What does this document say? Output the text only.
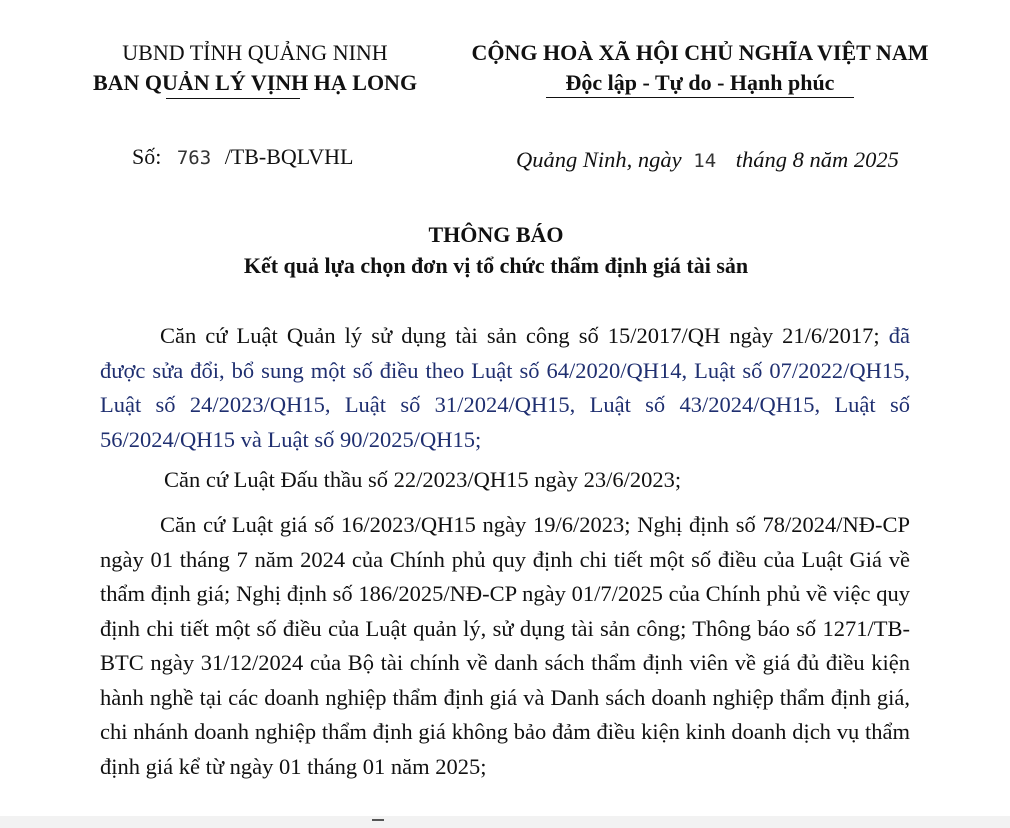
UBND TỈNH QUẢNG NINH
BAN QUẢN LÝ VỊNH HẠ LONG
CỘNG HOÀ XÃ HỘI CHỦ NGHĨA VIỆT NAM
Độc lập - Tự do - Hạnh phúc
Số: 763 /TB-BQLVHL	Quảng Ninh, ngày 14 tháng 8 năm 2025
THÔNG BÁO
Kết quả lựa chọn đơn vị tổ chức thẩm định giá tài sản
Căn cứ Luật Quản lý sử dụng tài sản công số 15/2017/QH ngày 21/6/2017; đã được sửa đổi, bổ sung một số điều theo Luật số 64/2020/QH14, Luật số 07/2022/QH15, Luật số 24/2023/QH15, Luật số 31/2024/QH15, Luật số 43/2024/QH15, Luật số 56/2024/QH15 và Luật số 90/2025/QH15;
Căn cứ Luật Đấu thầu số 22/2023/QH15 ngày 23/6/2023;
Căn cứ Luật giá số 16/2023/QH15 ngày 19/6/2023; Nghị định số 78/2024/NĐ-CP ngày 01 tháng 7 năm 2024 của Chính phủ quy định chi tiết một số điều của Luật Giá về thẩm định giá; Nghị định số 186/2025/NĐ-CP ngày 01/7/2025 của Chính phủ về việc quy định chi tiết một số điều của Luật quản lý, sử dụng tài sản công; Thông báo số 1271/TB-BTC ngày 31/12/2024 của Bộ tài chính về danh sách thẩm định viên về giá đủ điều kiện hành nghề tại các doanh nghiệp thẩm định giá và Danh sách doanh nghiệp thẩm định giá, chi nhánh doanh nghiệp thẩm định giá không bảo đảm điều kiện kinh doanh dịch vụ thẩm định giá kể từ ngày 01 tháng 01 năm 2025;
